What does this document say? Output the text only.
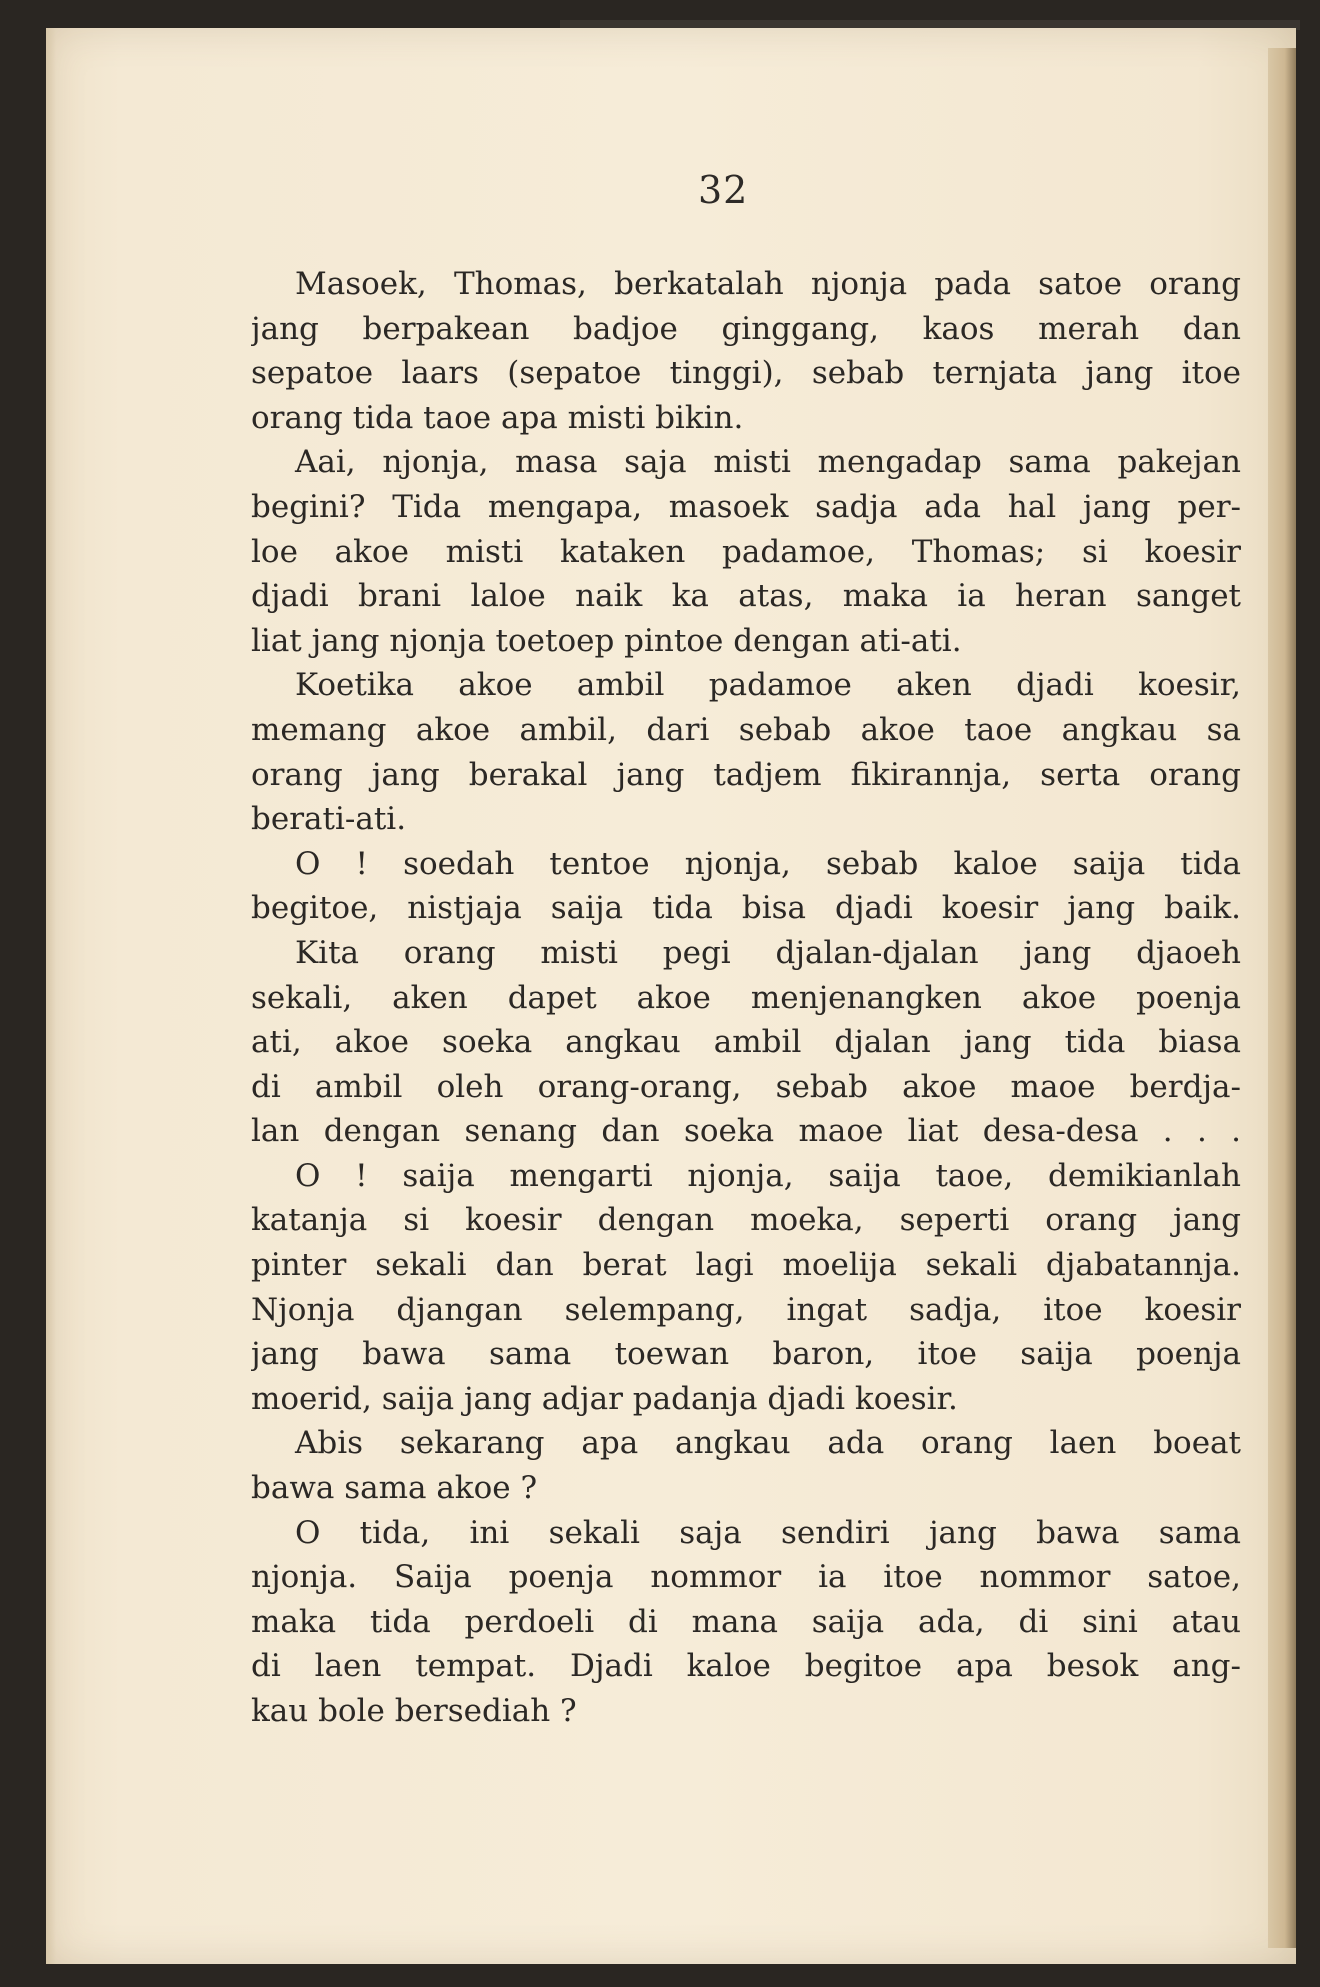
32
Masoek, Thomas, berkatalah njonja pada satoe orang
jang berpakean badjoe ginggang, kaos merah dan
sepatoe laars (sepatoe tinggi), sebab ternjata jang itoe
orang tida taoe apa misti bikin.
Aai, njonja, masa saja misti mengadap sama pakejan
begini? Tida mengapa, masoek sadja ada hal jang per-
loe akoe misti kataken padamoe, Thomas; si koesir
djadi brani laloe naik ka atas, maka ia heran sanget
liat jang njonja toetoep pintoe dengan ati-ati.
Koetika akoe ambil padamoe aken djadi koesir,
memang akoe ambil, dari sebab akoe taoe angkau sa
orang jang berakal jang tadjem fikirannja, serta orang
berati-ati.
O ! soedah tentoe njonja, sebab kaloe saija tida
begitoe, nistjaja saija tida bisa djadi koesir jang baik.
Kita orang misti pegi djalan-djalan jang djaoeh
sekali, aken dapet akoe menjenangken akoe poenja
ati, akoe soeka angkau ambil djalan jang tida biasa
di ambil oleh orang-orang, sebab akoe maoe berdja-
lan dengan senang dan soeka maoe liat desa-desa . . .
O ! saija mengarti njonja, saija taoe, demikianlah
katanja si koesir dengan moeka, seperti orang jang
pinter sekali dan berat lagi moelija sekali djabatannja.
Njonja djangan selempang, ingat sadja, itoe koesir
jang bawa sama toewan baron, itoe saija poenja
moerid, saija jang adjar padanja djadi koesir.
Abis sekarang apa angkau ada orang laen boeat
bawa sama akoe ?
O tida, ini sekali saja sendiri jang bawa sama
njonja. Saija poenja nommor ia itoe nommor satoe,
maka tida perdoeli di mana saija ada, di sini atau
di laen tempat. Djadi kaloe begitoe apa besok ang-
kau bole bersediah ?
